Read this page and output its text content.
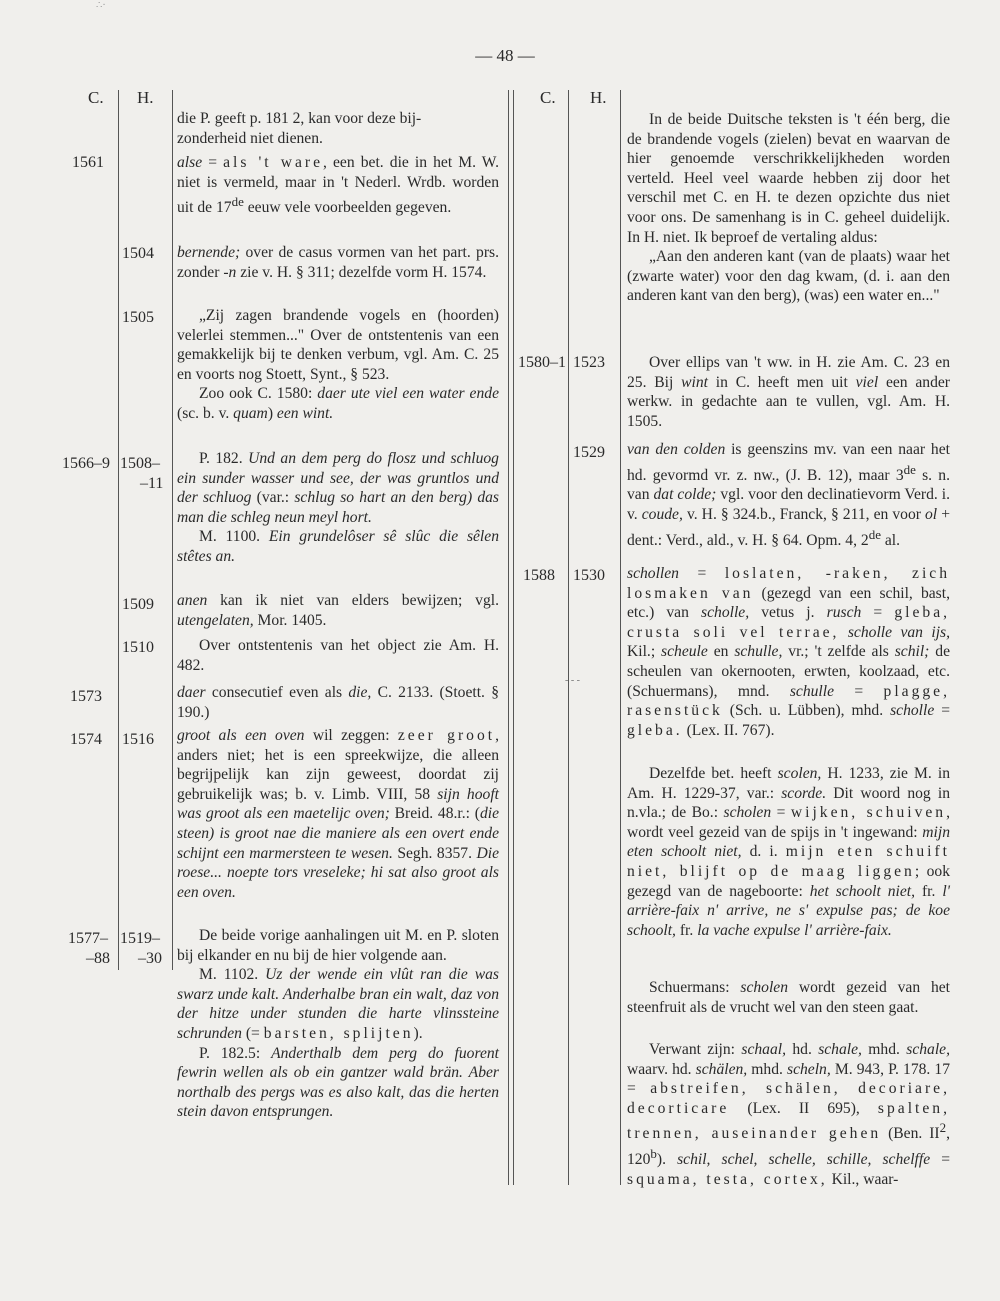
∴·
— 48 —
C. H.	C. H.
1561
1566–9
1573
1574
1577–
–88
1504
1505
1508–
–11
1509
1510
1516
1519–
–30
1580–1
1588
1523
1529
1530
- - -

die P. geeft p. 181 2, kan voor deze bij-
zonderheid niet dienen.

alse = als 't ware, een bet. die in het M. W. niet is vermeld, maar in 't Nederl. Wrdb. worden uit de 17de eeuw vele voorbeelden gegeven.

bernende; over de casus vormen van het part. prs. zonder -n zie v. H. § 311; dezelfde vorm H. 1574.

„Zij zagen brandende vogels en (hoorden) velerlei stemmen..." Over de ontstentenis van een gemakkelijk bij te denken verbum, vgl. Am. C. 25 en voorts nog Stoett, Synt., § 523.

Zoo ook C. 1580: daer ute viel een water ende (sc. b. v. quam) een wint.

P. 182. Und an dem perg do flosz und schluog ein sunder wasser und see, der was gruntlos und der schluog (var.: schlug so hart an den berg) das man die schleg neun meyl hort.

M. 1100. Ein grundelôser sê slûc die sêlen stêtes an.

anen kan ik niet van elders bewijzen; vgl. utengelaten, Mor. 1405.

Over ontstentenis van het object zie Am. H. 482.

daer consecutief even als die, C. 2133. (Stoett. § 190.)

groot als een oven wil zeggen: zeer groot, anders niet; het is een spreekwijze, die alleen begrijpelijk kan zijn geweest, doordat zij gebruikelijk was; b. v. Limb. VIII, 58 sijn hooft was groot als een maetelijc oven; Breid. 48.r.: (die steen) is groot nae die maniere als een overt ende schijnt een marmersteen te wesen. Segh. 8357. Die roese... noepte tors vreseleke; hi sat also groot als een oven.

De beide vorige aanhalingen uit M. en P. sloten bij elkander en nu bij de hier volgende aan.

M. 1102. Uz der wende ein vlût ran die was swarz unde kalt. Anderhalbe bran ein walt, daz von der hitze under stunden die harte vlinssteine schrunden (= barsten, splijten).

P. 182.5: Anderthalb dem perg do fuorent fewrin wellen als ob ein gantzer wald brän. Aber northalb des pergs was es also kalt, das die herten stein davon entsprungen.

In de beide Duitsche teksten is 't één berg, die de brandende vogels (zielen) bevat en waarvan de hier genoemde verschrikkelijkheden worden verteld. Heel veel waarde hebben zij door het verschil met C. en H. te dezen opzichte dus niet voor ons. De samenhang is in C. geheel duidelijk. In H. niet. Ik beproef de vertaling aldus:

„Aan den anderen kant (van de plaats) waar het (zwarte water) voor den dag kwam, (d. i. aan den anderen kant van den berg), (was) een water en..."

Over ellips van 't ww. in H. zie Am. C. 23 en 25. Bij wint in C. heeft men uit viel een ander werkw. in gedachte aan te vullen, vgl. Am. H. 1505.

van den colden is geenszins mv. van een naar het hd. gevormd vr. z. nw., (J. B. 12), maar 3de s. n. van dat colde; vgl. voor den declinatievorm Verd. i. v. coude, v. H. § 324.b., Franck, § 211, en voor ol + dent.: Verd., ald., v. H. § 64. Opm. 4, 2de al.

schollen = loslaten, -raken, zich losmaken van (gezegd van een schil, bast, etc.) van scholle, vetus j. rusch = gleba, crusta soli vel terrae, scholle van ijs, Kil.; scheule en schulle, vr.; 't zelfde als schil; de scheulen van okernooten, erwten, koolzaad, etc. (Schuermans), mnd. schulle = plagge, rasenstück (Sch. u. Lübben), mhd. scholle = gleba. (Lex. II. 767).

Dezelfde bet. heeft scolen, H. 1233, zie M. in Am. H. 1229-37, var.: scorde. Dit woord nog in n.vla.; de Bo.: scholen = wijken, schuiven, wordt veel gezeid van de spijs in 't ingewand: mijn eten schoolt niet, d. i. mijn eten schuift niet, blijft op de maag liggen; ook gezegd van de nageboorte: het schoolt niet, fr. l' arrière-faix n' arrive, ne s' expulse pas; de koe schoolt, fr. la vache expulse l' arrière-faix.

Schuermans: scholen wordt gezeid van het steenfruit als de vrucht wel van den steen gaat.

Verwant zijn: schaal, hd. schale, mhd. schale, waarv. hd. schälen, mhd. scheln, M. 943, P. 178. 17 = abstreifen, schälen, decoriare, decorticare (Lex. II 695), spalten, trennen, auseinander gehen (Ben. $II^2$, 120$^b$). schil, schel, schelle, schille, schelffe = squama, testa, cortex, Kil., waar-
